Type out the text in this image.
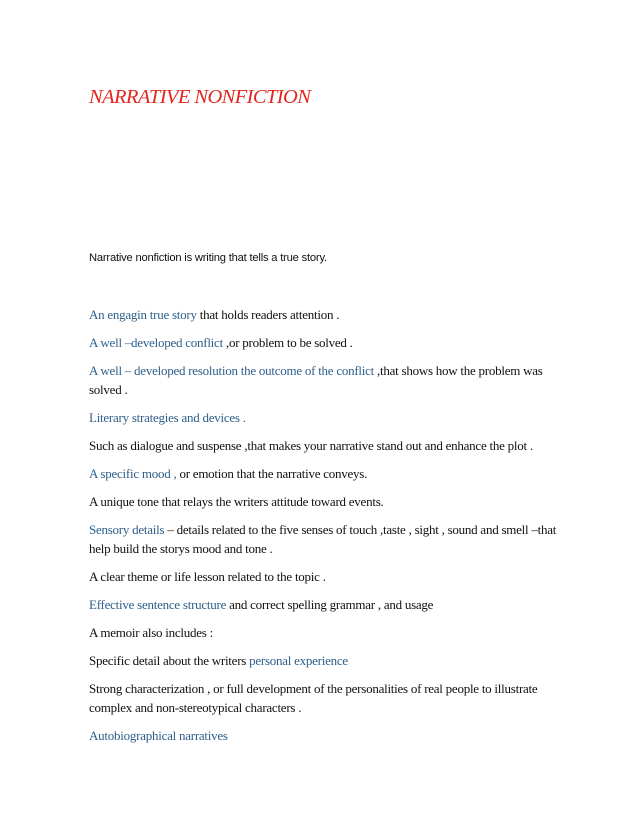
NARRATIVE NONFICTION
Narrative nonfiction is writing that tells a true story.

An engagin true story that holds readers attention .

A well –developed conflict ,or problem to be solved .

A well – developed resolution the outcome of the conflict ,that shows how the problem was solved .

Literary strategies and devices .

Such as dialogue and suspense ,that makes your narrative stand out and enhance the plot .

A specific mood , or emotion that the narrative conveys.

A unique tone that relays the writers attitude toward events.

Sensory details – details related to the five senses of touch ,taste , sight , sound and smell –that help build the storys mood and tone .

A clear theme or life lesson related to the topic .

Effective sentence structure and correct spelling grammar , and usage

A memoir also includes :

Specific detail about the writers personal experience

Strong characterization , or full development of the personalities of real people to illustrate complex and non-stereotypical characters .

Autobiographical narratives
